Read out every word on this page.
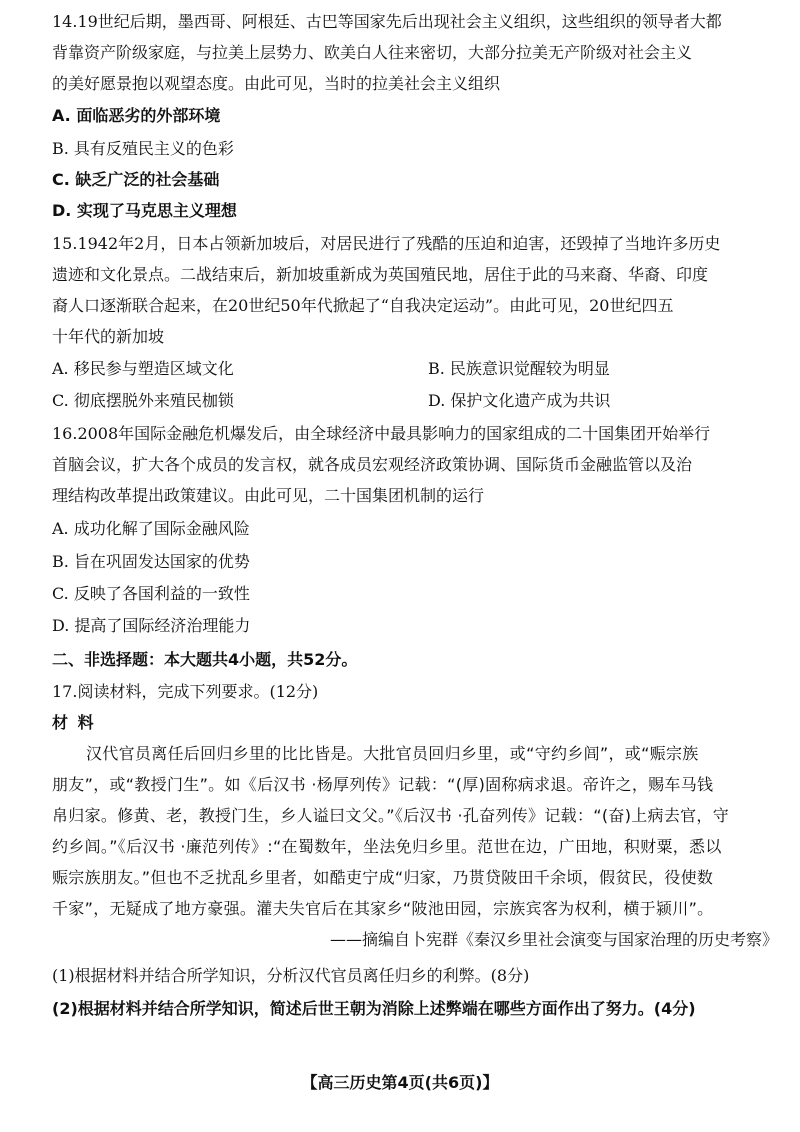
14.19世纪后期，墨西哥、阿根廷、古巴等国家先后出现社会主义组织，这些组织的领导者大都
背靠资产阶级家庭，与拉美上层势力、欧美白人往来密切，大部分拉美无产阶级对社会主义
的美好愿景抱以观望态度。由此可见，当时的拉美社会主义组织
A. 面临恶劣的外部环境
B. 具有反殖民主义的色彩
C. 缺乏广泛的社会基础
D. 实现了马克思主义理想
15.1942年2月，日本占领新加坡后，对居民进行了残酷的压迫和迫害，还毁掉了当地许多历史
遗迹和文化景点。二战结束后，新加坡重新成为英国殖民地，居住于此的马来裔、华裔、印度
裔人口逐渐联合起来，在20世纪50年代掀起了“自我决定运动”。由此可见，20世纪四五
十年代的新加坡
A. 移民参与塑造区域文化	B. 民族意识觉醒较为明显
C. 彻底摆脱外来殖民枷锁	D. 保护文化遗产成为共识
16.2008年国际金融危机爆发后，由全球经济中最具影响力的国家组成的二十国集团开始举行
首脑会议，扩大各个成员的发言权，就各成员宏观经济政策协调、国际货币金融监管以及治
理结构改革提出政策建议。由此可见，二十国集团机制的运行
A. 成功化解了国际金融风险
B. 旨在巩固发达国家的优势
C. 反映了各国利益的一致性
D. 提高了国际经济治理能力
二、非选择题：本大题共4小题，共52分。
17.阅读材料，完成下列要求。(12分)
材 料
汉代官员离任后回归乡里的比比皆是。大批官员回归乡里，或“守约乡闾”，或“赈宗族
朋友”，或“教授门生”。如《后汉书 ·杨厚列传》记载：“(厚)固称病求退。帝许之，赐车马钱
帛归家。修黄、老，教授门生，乡人谥曰文父。”《后汉书 ·孔奋列传》记载：“(奋)上病去官，守
约乡闾。”《后汉书 ·廉范列传》:“在蜀数年，坐法免归乡里。范世在边，广田地，积财粟，悉以
赈宗族朋友。”但也不乏扰乱乡里者，如酷吏宁成“归家，乃贳贷陂田千余顷，假贫民，役使数
千家”，无疑成了地方豪强。灌夫失官后在其家乡“陂池田园，宗族宾客为权利，横于颍川”。
——摘编自卜宪群《秦汉乡里社会演变与国家治理的历史考察》
(1)根据材料并结合所学知识，分析汉代官员离任归乡的利弊。(8分)
(2)根据材料并结合所学知识，简述后世王朝为消除上述弊端在哪些方面作出了努力。(4分)
【高三历史第4页(共6页)】
